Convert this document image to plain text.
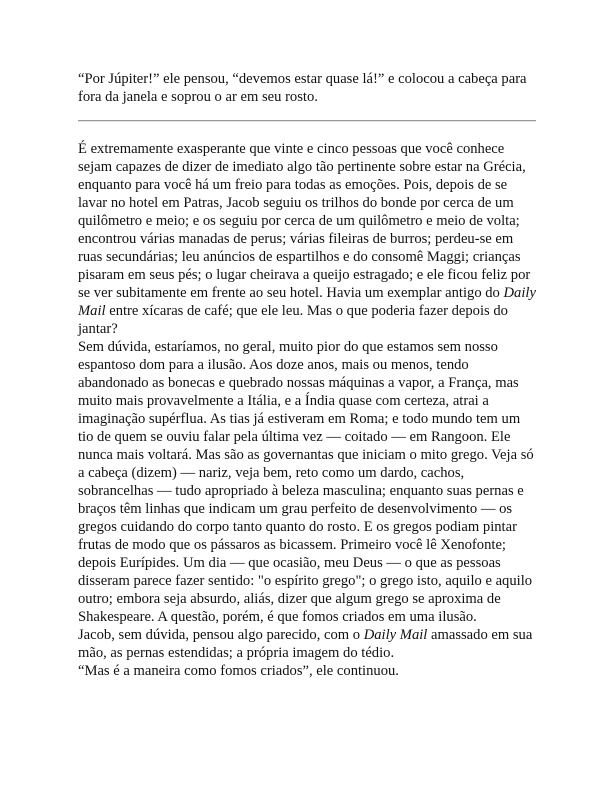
“Por Júpiter!” ele pensou, “devemos estar quase lá!” e colocou a cabeça para fora da janela e soprou o ar em seu rosto.

É extremamente exasperante que vinte e cinco pessoas que você conhece sejam capazes de dizer de imediato algo tão pertinente sobre estar na Grécia, enquanto para você há um freio para todas as emoções. Pois, depois de se lavar no hotel em Patras, Jacob seguiu os trilhos do bonde por cerca de um quilômetro e meio; e os seguiu por cerca de um quilômetro e meio de volta; encontrou várias manadas de perus; várias fileiras de burros; perdeu-se em ruas secundárias; leu anúncios de espartilhos e do consomê Maggi; crianças pisaram em seus pés; o lugar cheirava a queijo estragado; e ele ficou feliz por se ver subitamente em frente ao seu hotel. Havia um exemplar antigo do Daily Mail entre xícaras de café; que ele leu. Mas o que poderia fazer depois do jantar?

Sem dúvida, estaríamos, no geral, muito pior do que estamos sem nosso espantoso dom para a ilusão. Aos doze anos, mais ou menos, tendo abandonado as bonecas e quebrado nossas máquinas a vapor, a França, mas muito mais provavelmente a Itália, e a Índia quase com certeza, atrai a imaginação supérflua. As tias já estiveram em Roma; e todo mundo tem um tio de quem se ouviu falar pela última vez — coitado — em Rangoon. Ele nunca mais voltará. Mas são as governantas que iniciam o mito grego. Veja só a cabeça (dizem) — nariz, veja bem, reto como um dardo, cachos, sobrancelhas — tudo apropriado à beleza masculina; enquanto suas pernas e braços têm linhas que indicam um grau perfeito de desenvolvimento — os gregos cuidando do corpo tanto quanto do rosto. E os gregos podiam pintar frutas de modo que os pássaros as bicassem. Primeiro você lê Xenofonte; depois Eurípides. Um dia — que ocasião, meu Deus — o que as pessoas disseram parece fazer sentido: "o espírito grego"; o grego isto, aquilo e aquilo outro; embora seja absurdo, aliás, dizer que algum grego se aproxima de Shakespeare. A questão, porém, é que fomos criados em uma ilusão.

Jacob, sem dúvida, pensou algo parecido, com o Daily Mail amassado em sua mão, as pernas estendidas; a própria imagem do tédio.

“Mas é a maneira como fomos criados”, ele continuou.
